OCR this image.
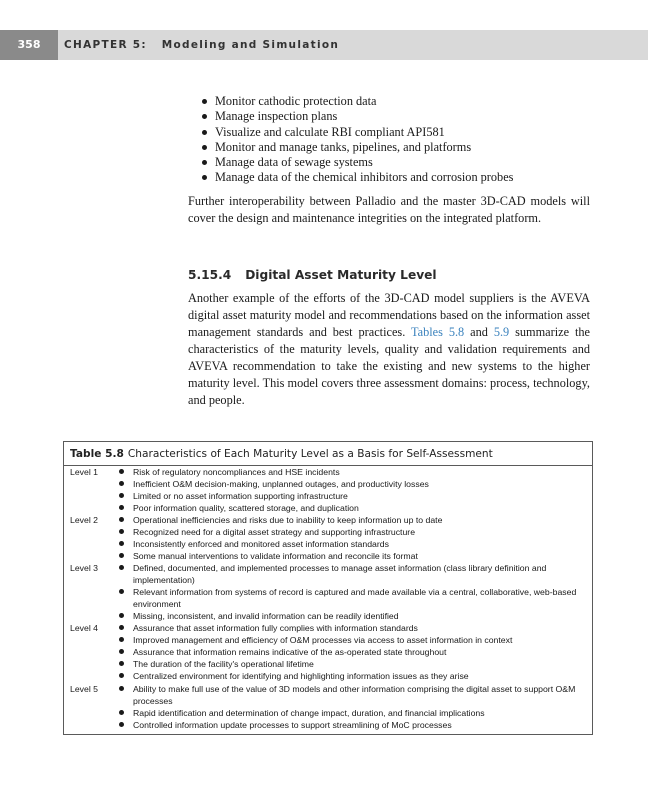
358	CHAPTER 5: Modeling and Simulation
Monitor cathodic protection data
Manage inspection plans
Visualize and calculate RBI compliant API581
Monitor and manage tanks, pipelines, and platforms
Manage data of sewage systems
Manage data of the chemical inhibitors and corrosion probes

Further interoperability between Palladio and the master 3D-CAD models will cover the design and maintenance integrities on the integrated platform.

5.15.4 Digital Asset Maturity Level

Another example of the efforts of the 3D-CAD model suppliers is the AVEVA digital asset maturity model and recommendations based on the information asset management standards and best practices. Tables 5.8 and 5.9 summarize the characteristics of the maturity levels, quality and validation requirements and AVEVA recommendation to take the existing and new systems to the higher maturity level. This model covers three assessment domains: process, technology, and people.

Table 5.8 Characteristics of Each Maturity Level as a Basis for Self-Assessment
Level 1	Risk of regulatory noncompliances and HSE incidents
Inefficient O&M decision-making, unplanned outages, and productivity losses
Limited or no asset information supporting infrastructure
Poor information quality, scattered storage, and duplication
Level 2	Operational inefficiencies and risks due to inability to keep information up to date
Recognized need for a digital asset strategy and supporting infrastructure
Inconsistently enforced and monitored asset information standards
Some manual interventions to validate information and reconcile its format
Level 3	Defined, documented, and implemented processes to manage asset information (class library definition and implementation)
Relevant information from systems of record is captured and made available via a central, collaborative, web-based environment
Missing, inconsistent, and invalid information can be readily identified
Level 4	Assurance that asset information fully complies with information standards
Improved management and efficiency of O&M processes via access to asset information in context
Assurance that information remains indicative of the as-operated state throughout
The duration of the facility's operational lifetime
Centralized environment for identifying and highlighting information issues as they arise
Level 5	Ability to make full use of the value of 3D models and other information comprising the digital asset to support O&M processes
Rapid identification and determination of change impact, duration, and financial implications
Controlled information update processes to support streamlining of MoC processes
